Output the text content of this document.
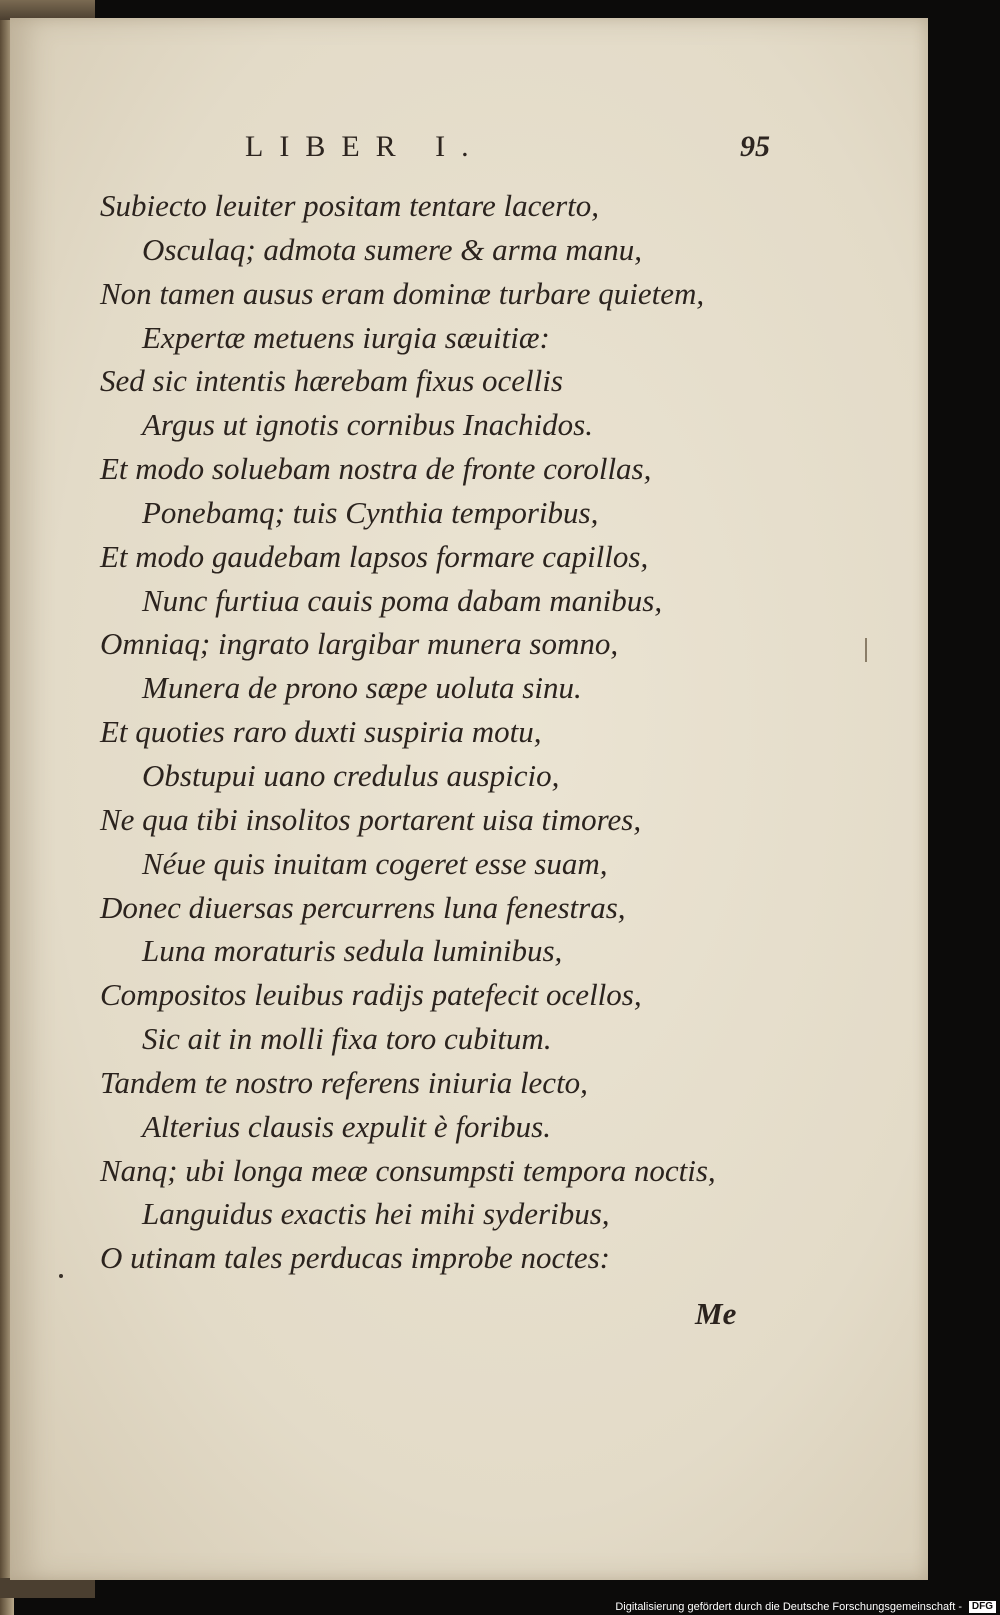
LIBER I.	95
Subiecto leuiter positam tentare lacerto,
Osculaq; admota sumere & arma manu,
Non tamen ausus eram dominæ turbare quietem,
Expertæ metuens iurgia sæuitiæ:
Sed sic intentis hærebam fixus ocellis
Argus ut ignotis cornibus Inachidos.
Et modo soluebam nostra de fronte corollas,
Ponebamq; tuis Cynthia temporibus,
Et modo gaudebam lapsos formare capillos,
Nunc furtiua cauis poma dabam manibus,
Omniaq; ingrato largibar munera somno,
Munera de prono sæpe uoluta sinu.
Et quoties raro duxti suspiria motu,
Obstupui uano credulus auspicio,
Ne qua tibi insolitos portarent uisa timores,
Néue quis inuitam cogeret esse suam,
Donec diuersas percurrens luna fenestras,
Luna moraturis sedula luminibus,
Compositos leuibus radijs patefecit ocellos,
Sic ait in molli fixa toro cubitum.
Tandem te nostro referens iniuria lecto,
Alterius clausis expulit è foribus.
Nanq; ubi longa meæ consumpsti tempora noctis,
Languidus exactis hei mihi syderibus,
O utinam tales perducas improbe noctes:
Me
Digitalisierung gefördert durch die Deutsche Forschungsgemeinschaft - DFG
